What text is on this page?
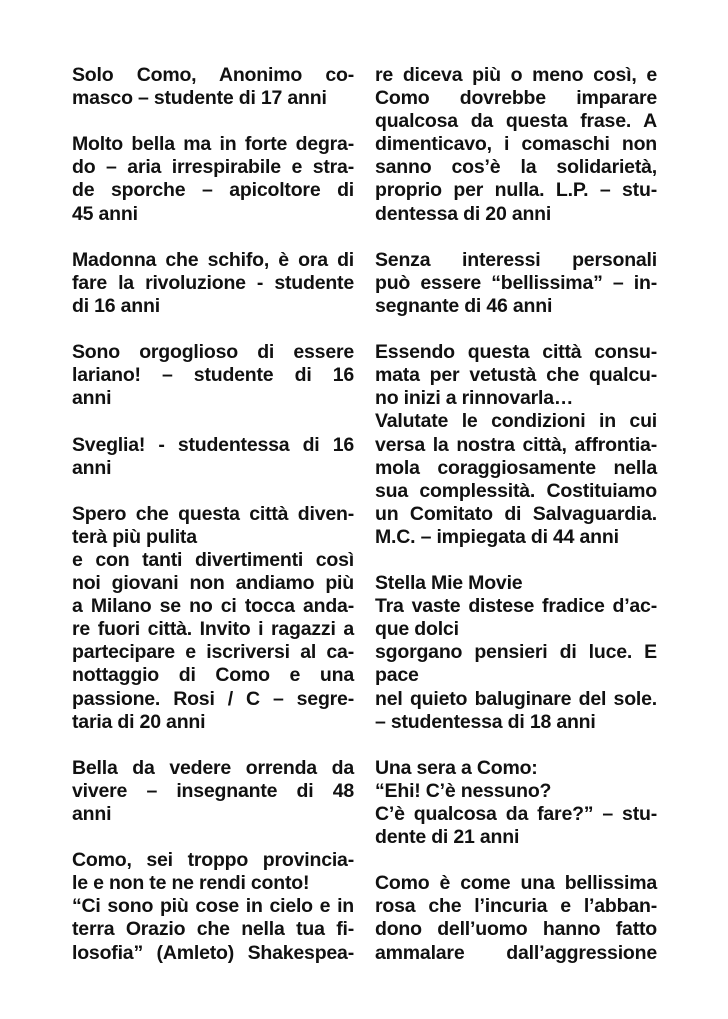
Solo Como, Anonimo co-
masco – studente di 17 anni
Molto bella ma in forte degra-
do – aria irrespirabile e stra-
de sporche – apicoltore di
45 anni
Madonna che schifo, è ora di
fare la rivoluzione - studente
di 16 anni
Sono orgoglioso di essere
lariano! – studente di 16
anni
Sveglia! - studentessa di 16
anni
Spero che questa città diven-
terà più pulita
e con tanti divertimenti così
noi giovani non andiamo più
a Milano se no ci tocca anda-
re fuori città. Invito i ragazzi a
partecipare e iscriversi al ca-
nottaggio di Como e una
passione. Rosi / C – segre-
taria di 20 anni
Bella da vedere orrenda da
vivere – insegnante di 48
anni
Como, sei troppo provincia-
le e non te ne rendi conto!
“Ci sono più cose in cielo e in
terra Orazio che nella tua fi-
losofia” (Amleto) Shakespea-
re diceva più o meno così, e
Como dovrebbe imparare
qualcosa da questa frase. A
dimenticavo, i comaschi non
sanno cos’è la solidarietà,
proprio per nulla. L.P. – stu-
dentessa di 20 anni
Senza interessi personali
può essere “bellissima” – in-
segnante di 46 anni
Essendo questa città consu-
mata per vetustà che qualcu-
no inizi a rinnovarla…
Valutate le condizioni in cui
versa la nostra città, affrontia-
mola coraggiosamente nella
sua complessità. Costituiamo
un Comitato di Salvaguardia.
M.C. – impiegata di 44 anni
Stella Mie Movie
Tra vaste distese fradice d’ac-
que dolci
sgorgano pensieri di luce. E
pace
nel quieto baluginare del sole.
– studentessa di 18 anni
Una sera a Como:
“Ehi! C’è nessuno?
C’è qualcosa da fare?” – stu-
dente di 21 anni
Como è come una bellissima
rosa che l’incuria e l’abban-
dono dell’uomo hanno fatto
ammalare dall’aggressione
